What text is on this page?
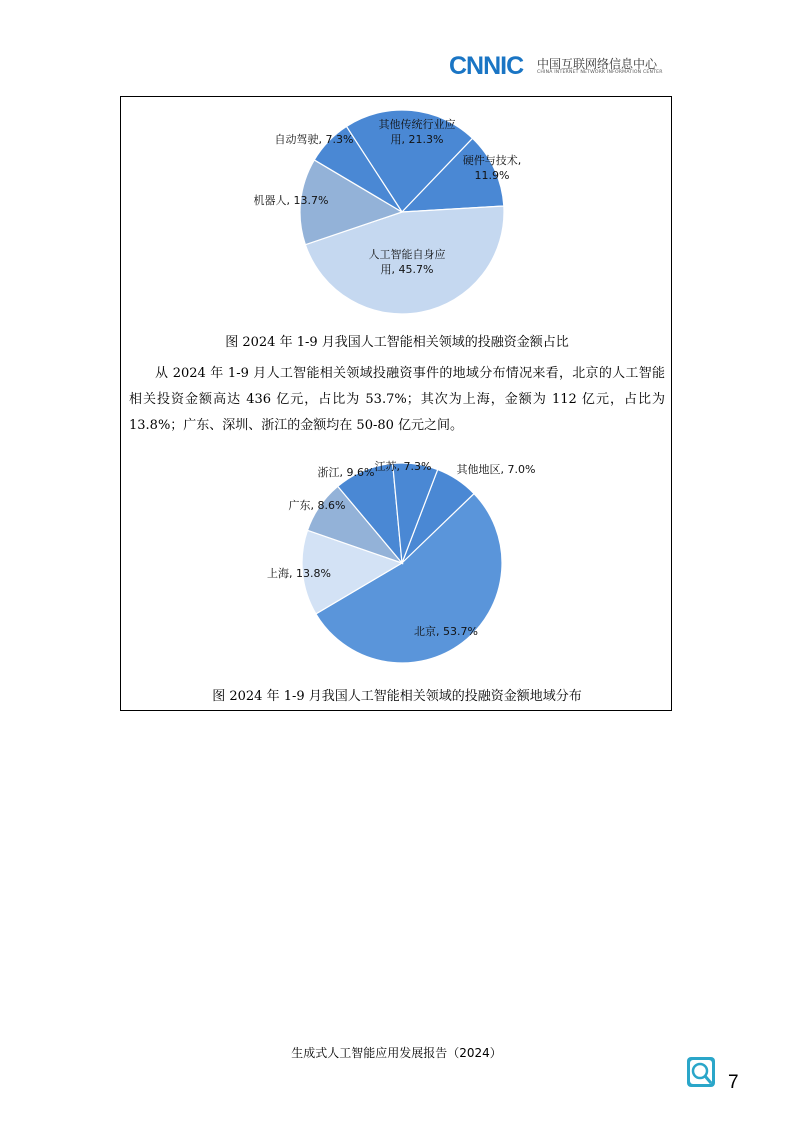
CNNIC 中国互联网络信息中心
CHINA INTERNET NETWORK INFORMATION CENTER
其他传统行业应用, 21.3%
硬件与技术, 11.9%
人工智能自身应用, 45.7%
机器人, 13.7%
自动驾驶, 7.3%
图 2024 年 1-9 月我国人工智能相关领域的投融资金额占比
从 2024 年 1-9 月人工智能相关领域投融资事件的地域分布情况来看，北京的人工智能相关投资金额高达 436 亿元，占比为 53.7%；其次为上海，金额为 112 亿元，占比为 13.8%；广东、深圳、浙江的金额均在 50-80 亿元之间。
其他地区, 7.0%
北京, 53.7%
上海, 13.8%
广东, 8.6%
浙江, 9.6% 江苏, 7.3%
图 2024 年 1-9 月我国人工智能相关领域的投融资金额地域分布
生成式人工智能应用发展报告（2024）
7
